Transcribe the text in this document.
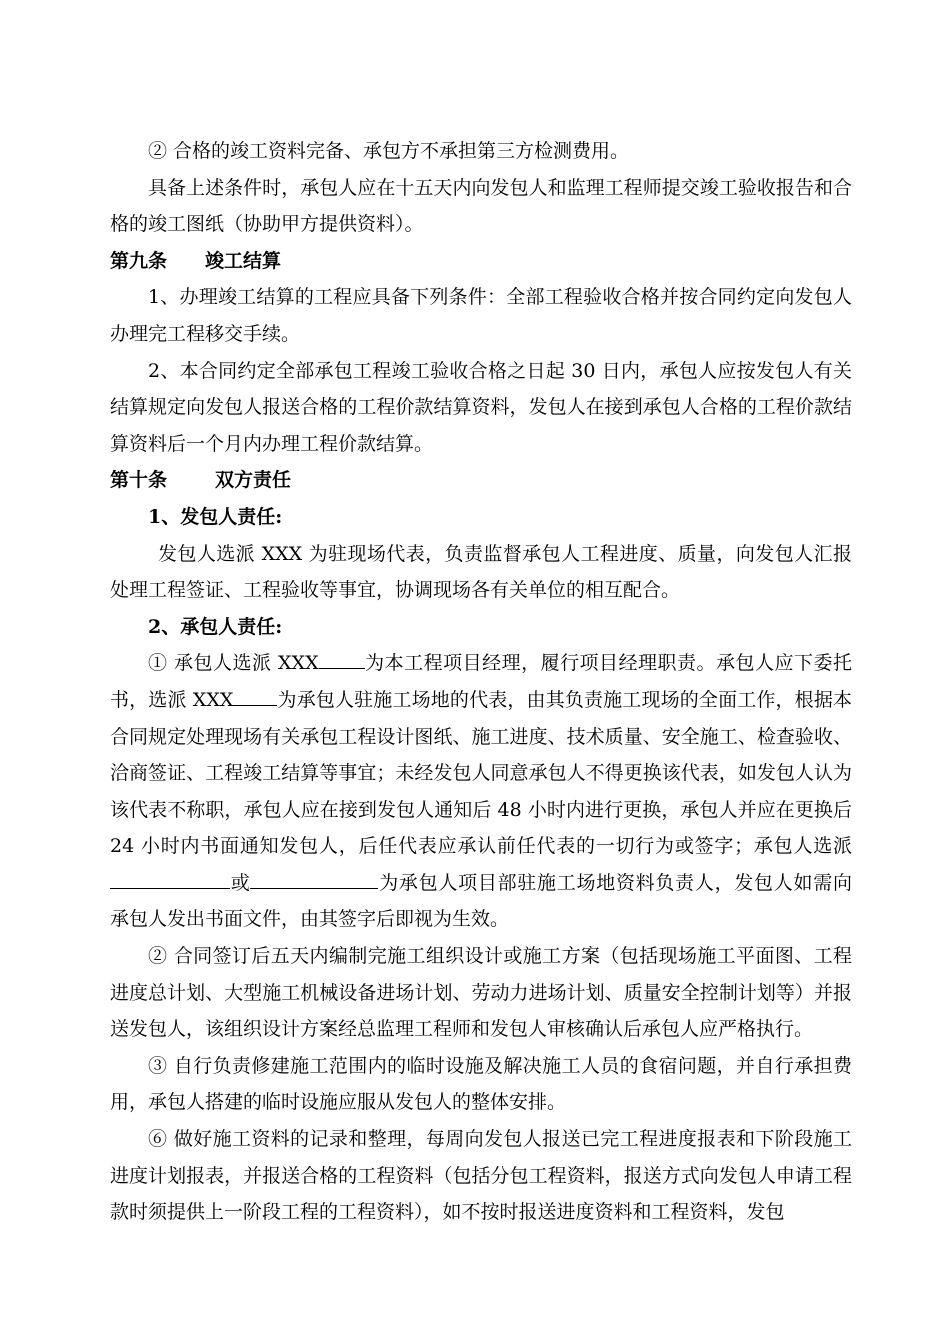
② 合格的竣工资料完备、承包方不承担第三方检测费用。

具备上述条件时，承包人应在十五天内向发包人和监理工程师提交竣工验收报告和合格的竣工图纸（协助甲方提供资料）。

第九条	竣工结算

1、办理竣工结算的工程应具备下列条件：全部工程验收合格并按合同约定向发包人办理完工程移交手续。

2、本合同约定全部承包工程竣工验收合格之日起 30 日内，承包人应按发包人有关结算规定向发包人报送合格的工程价款结算资料，发包人在接到承包人合格的工程价款结算资料后一个月内办理工程价款结算。

第十条	双方责任

1、发包人责任:

发包人选派 XXX 为驻现场代表，负责监督承包人工程进度、质量，向发包人汇报处理工程签证、工程验收等事宜，协调现场各有关单位的相互配合。

2、承包人责任:

① 承包人选派 XXX 为本工程项目经理，履行项目经理职责。承包人应下委托书，选派 XXX 为承包人驻施工场地的代表，由其负责施工现场的全面工作，根据本合同规定处理现场有关承包工程设计图纸、施工进度、技术质量、安全施工、检查验收、洽商签证、工程竣工结算等事宜；未经发包人同意承包人不得更换该代表，如发包人认为该代表不称职，承包人应在接到发包人通知后 48 小时内进行更换，承包人并应在更换后 24 小时内书面通知发包人，后任代表应承认前任代表的一切行为或签字；承包人选派或	为承包人项目部驻施工场地资料负责人，发包人如需向承包人发出书面文件，由其签字后即视为生效。

② 合同签订后五天内编制完施工组织设计或施工方案（包括现场施工平面图、工程进度总计划、大型施工机械设备进场计划、劳动力进场计划、质量安全控制计划等）并报送发包人，该组织设计方案经总监理工程师和发包人审核确认后承包人应严格执行。

③ 自行负责修建施工范围内的临时设施及解决施工人员的食宿问题，并自行承担费用，承包人搭建的临时设施应服从发包人的整体安排。

⑥ 做好施工资料的记录和整理，每周向发包人报送已完工程进度报表和下阶段施工进度计划报表，并报送合格的工程资料（包括分包工程资料，报送方式向发包人申请工程款时须提供上一阶段工程的工程资料），如不按时报送进度资料和工程资料，发包
